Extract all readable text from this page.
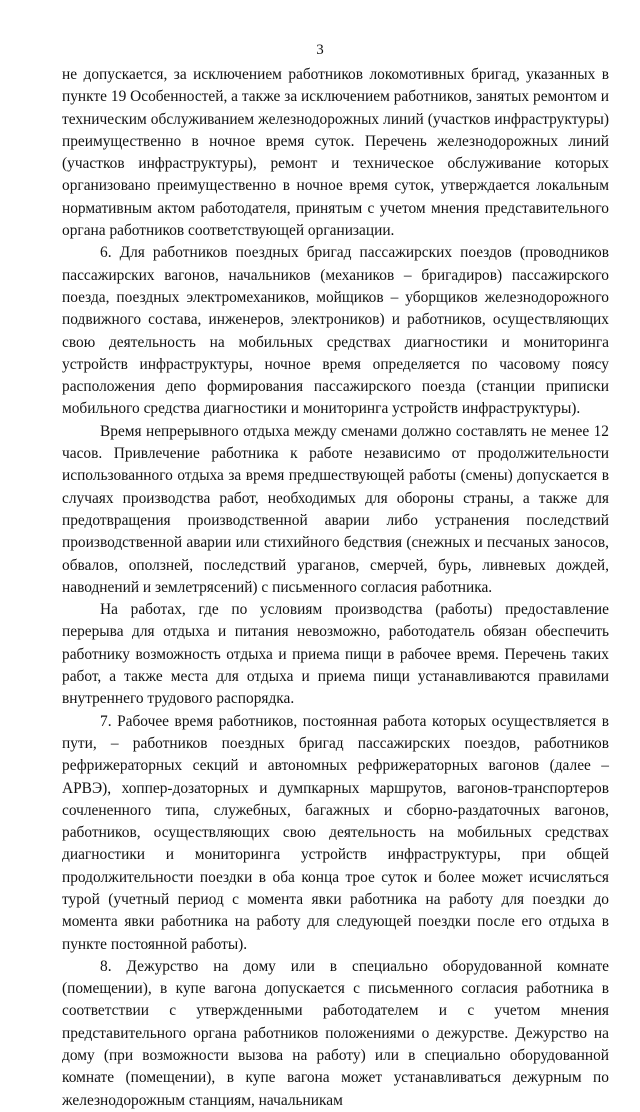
3

не допускается, за исключением работников локомотивных бригад, указанных в пункте 19 Особенностей, а также за исключением работников, занятых ремонтом и техническим обслуживанием железнодорожных линий (участков инфраструктуры) преимущественно в ночное время суток. Перечень железнодорожных линий (участков инфраструктуры), ремонт и техническое обслуживание которых организовано преимущественно в ночное время суток, утверждается локальным нормативным актом работодателя, принятым с учетом мнения представительного органа работников соответствующей организации.

6. Для работников поездных бригад пассажирских поездов (проводников пассажирских вагонов, начальников (механиков – бригадиров) пассажирского поезда, поездных электромехаников, мойщиков – уборщиков железнодорожного подвижного состава, инженеров, электроников) и работников, осуществляющих свою деятельность на мобильных средствах диагностики и мониторинга устройств инфраструктуры, ночное время определяется по часовому поясу расположения депо формирования пассажирского поезда (станции приписки мобильного средства диагностики и мониторинга устройств инфраструктуры).

Время непрерывного отдыха между сменами должно составлять не менее 12 часов. Привлечение работника к работе независимо от продолжительности использованного отдыха за время предшествующей работы (смены) допускается в случаях производства работ, необходимых для обороны страны, а также для предотвращения производственной аварии либо устранения последствий производственной аварии или стихийного бедствия (снежных и песчаных заносов, обвалов, оползней, последствий ураганов, смерчей, бурь, ливневых дождей, наводнений и землетрясений) с письменного согласия работника.

На работах, где по условиям производства (работы) предоставление перерыва для отдыха и питания невозможно, работодатель обязан обеспечить работнику возможность отдыха и приема пищи в рабочее время. Перечень таких работ, а также места для отдыха и приема пищи устанавливаются правилами внутреннего трудового распорядка.

7. Рабочее время работников, постоянная работа которых осуществляется в пути, – работников поездных бригад пассажирских поездов, работников рефрижераторных секций и автономных рефрижераторных вагонов (далее – АРВЭ), хоппер-дозаторных и думпкарных маршрутов, вагонов-транспортеров сочлененного типа, служебных, багажных и сборно-раздаточных вагонов, работников, осуществляющих свою деятельность на мобильных средствах диагностики и мониторинга устройств инфраструктуры, при общей продолжительности поездки в оба конца трое суток и более может исчисляться турой (учетный период с момента явки работника на работу для поездки до момента явки работника на работу для следующей поездки после его отдыха в пункте постоянной работы).

8. Дежурство на дому или в специально оборудованной комнате (помещении), в купе вагона допускается с письменного согласия работника в соответствии с утвержденными работодателем и с учетом мнения представительного органа работников положениями о дежурстве. Дежурство на дому (при возможности вызова на работу) или в специально оборудованной комнате (помещении), в купе вагона может устанавливаться дежурным по железнодорожным станциям, начальникам
